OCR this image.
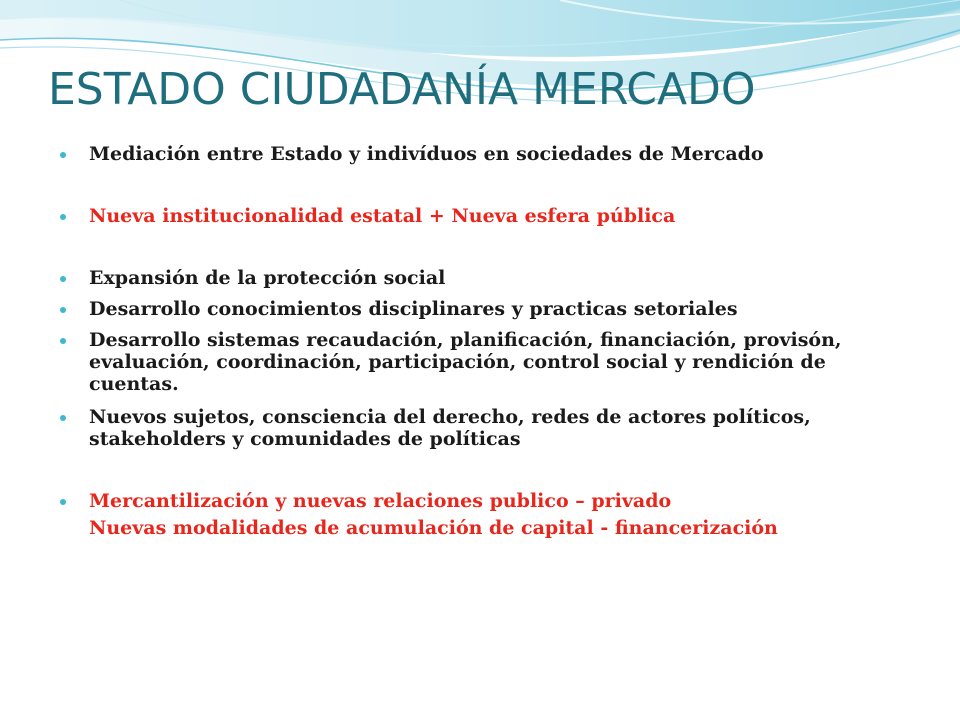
ESTADO CIUDADANÍA MERCADO
Mediación entre Estado y indivíduos en sociedades de Mercado
Nueva institucionalidad estatal + Nueva esfera pública
Expansión de la protección social
Desarrollo conocimientos disciplinares y practicas setoriales
Desarrollo sistemas recaudación, planificación, financiación, provisón, evaluación, coordinación, participación, control social y rendición de cuentas.
Nuevos sujetos, consciencia del derecho, redes de actores políticos, stakeholders y comunidades de políticas
Mercantilización y nuevas relaciones publico – privado
Nuevas modalidades de acumulación de capital - financerización
